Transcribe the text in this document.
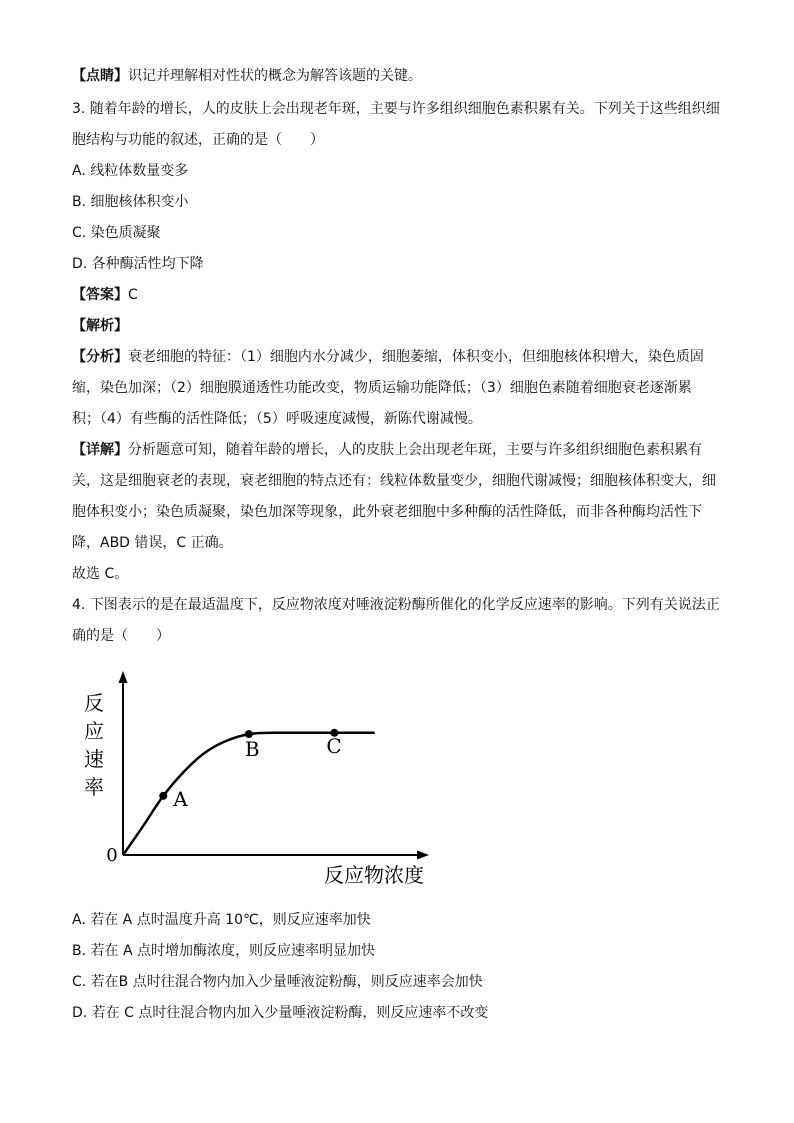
【点睛】识记并理解相对性状的概念为解答该题的关键。
3. 随着年龄的增长，人的皮肤上会出现老年斑，主要与许多组织细胞色素积累有关。下列关于这些组织细
胞结构与功能的叙述，正确的是（　　）
A. 线粒体数量变多
B. 细胞核体积变小
C. 染色质凝聚
D. 各种酶活性均下降
【答案】C
【解析】
【分析】衰老细胞的特征：（1）细胞内水分减少，细胞萎缩，体积变小，但细胞核体积增大，染色质固
缩，染色加深；（2）细胞膜通透性功能改变，物质运输功能降低；（3）细胞色素随着细胞衰老逐渐累
积；（4）有些酶的活性降低；（5）呼吸速度减慢，新陈代谢减慢。
【详解】分析题意可知，随着年龄的增长，人的皮肤上会出现老年斑，主要与许多组织细胞色素积累有
关，这是细胞衰老的表现，衰老细胞的特点还有：线粒体数量变少，细胞代谢减慢；细胞核体积变大，细
胞体积变小；染色质凝聚，染色加深等现象，此外衰老细胞中多种酶的活性降低，而非各种酶均活性下
降，ABD 错误，C 正确。
故选 C。
4. 下图表示的是在最适温度下，反应物浓度对唾液淀粉酶所催化的化学反应速率的影响。下列有关说法正
确的是（　　）
反
应
速
率
0
反应物浓度
A
B	C
A. 若在 A 点时温度升高 10℃，则反应速率加快
B. 若在 A 点时增加酶浓度，则反应速率明显加快
C. 若在B 点时往混合物内加入少量唾液淀粉酶，则反应速率会加快
D. 若在 C 点时往混合物内加入少量唾液淀粉酶，则反应速率不改变
